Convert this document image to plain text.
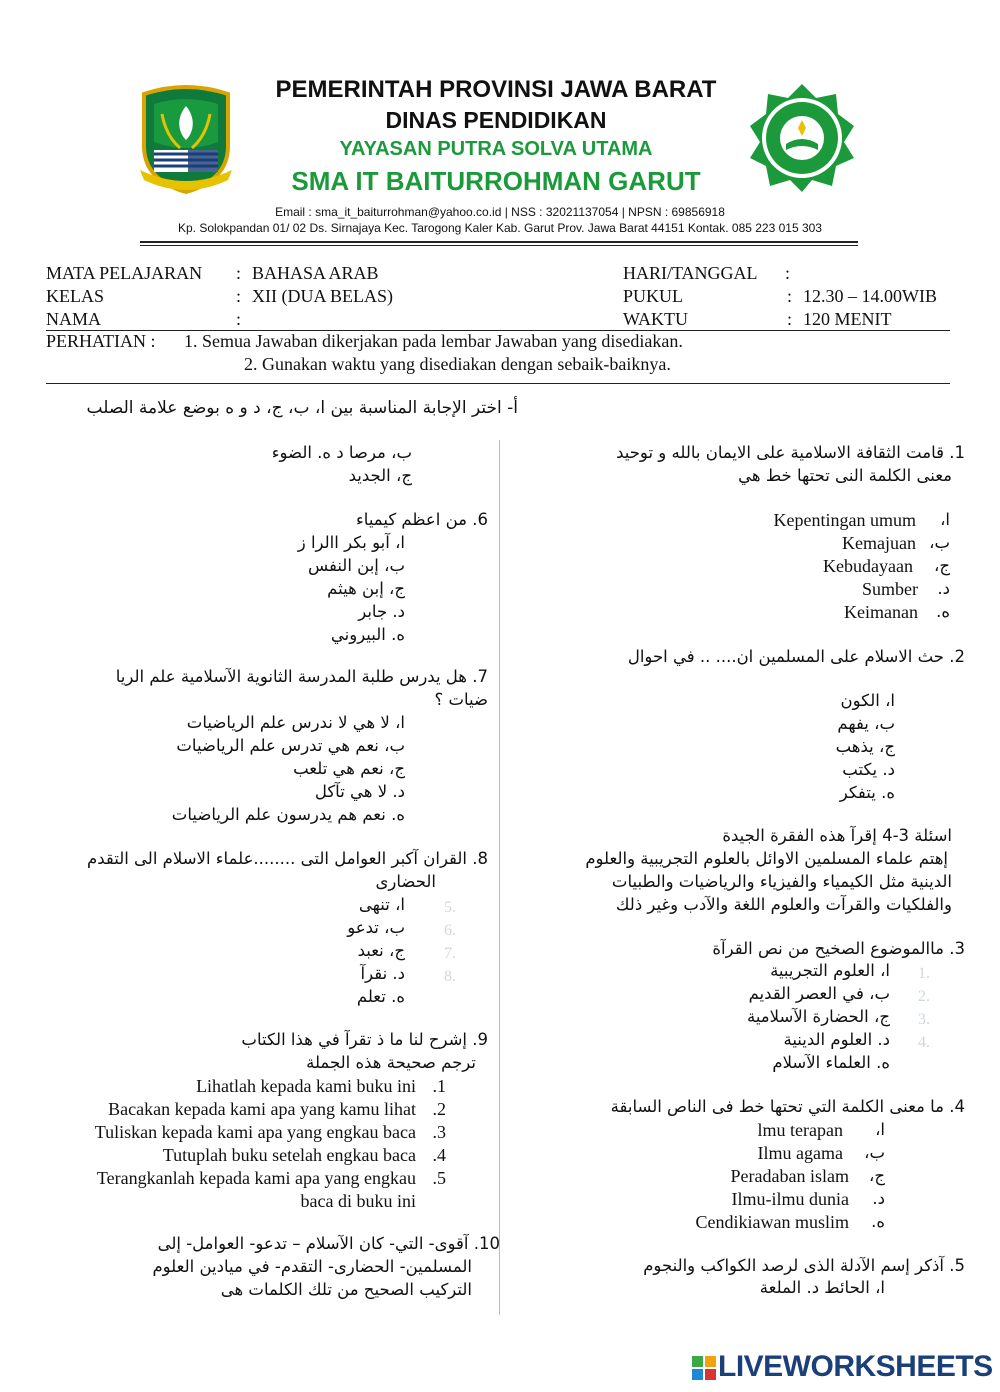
PEMERINTAH PROVINSI JAWA BARAT
DINAS PENDIDIKAN
YAYASAN PUTRA SOLVA UTAMA
SMA IT BAITURROHMAN GARUT
Email : sma_it_baiturrohman@yahoo.co.id | NSS : 32021137054 | NPSN : 69856918
Kp. Solokpandan 01/ 02 Ds. Sirnajaya Kec. Tarogong Kaler Kab. Garut Prov. Jawa Barat 44151 Kontak. 085 223 015 303
MATA PELAJARAN : BAHASA ARAB
KELAS	: XII (DUA BELAS)
NAMA	:
HARI/TANGGAL :
PUKUL	: 12.30 – 14.00WIB
WAKTU	: 120 MENIT
PERHATIAN : 1. Semua Jawaban dikerjakan pada lembar Jawaban yang disediakan.
2. Gunakan waktu yang disediakan dengan sebaik-baiknya.
أ- اختر الإجابة المناسبة بين ا، ب، ج، د و ه بوضع علامة الصلب
1. قامت الثقافة الاسلامية على الايمان بالله و توحيد
معنى الكلمة النى تحتها خط هي
Kepentingan umum ا،
Kemajuan ب،
Kebudayaan ج،
Sumber د.
Keimanan ه.
2. حث الاسلام على المسلمين ان.... .. في احوال
ا، الكون
ب، يفهم
ج، يذهب
د. يكتب
ه. يتفكر
اسئلة 3-4 إقرآ هذه الفقرة الجيدة
إهتم علماء المسلمين الاوائل بالعلوم التجريبية والعلوم
الدينية مثل الكيمياء والفيزياء والرياضيات والطبيات
والفلكيات والقرآت والعلوم اللغة والآدب وغير ذلك
3. ماالموضوع الصخيح من نص القرآة
ا، العلوم التجريبية
ب، في العصر القديم
ج، الحضارة الآسلامية
د. العلوم الدينية
ه. العلماء الآسلام
1.
2.
3.
4.
4. ما معنى الكلمة التي تحتها خط فى الناص السابقة
lmu terapan ا،
Ilmu agama ب،
Peradaban islam ج،
Ilmu-ilmu dunia د.
Cendikiawan muslim ه.
5. آذكر إسم الآدلة الذى لرصد الكواكب والنجوم
ا، الحائط د. الملعة
ب، مرصا د ه. الضوء
ج، الجديد
6. من اعظم كيمياء
ا، آبو بكر االرا ز
ب، إبن النفس
ج، إبن هيثم
د. جابر
ه. البيروني
7. هل يدرس طلبة المدرسة الثانوية الآسلامية علم الريا
ضيات ؟
ا، لا هي لا ندرس علم الرياضيات
ب، نعم هي تدرس علم الرياضيات
ج، نعم هي تلعب
د. لا هي تآكل
ه. نعم هم يدرسون علم الرياضيات
8. القران آكبر العوامل التى ........علماء الاسلام الى التقدم
الحضارى
ا، تنهى
ب، تدعو
ج، نعبد
د. نقرآ
ه. تعلم
5.
6.
7.
8.
9. إشرح لنا ما ذ تقرآ في هذا الكتاب
ترجم صحيحة هذه الجملة
Lihatlah kepada kami buku ini .1
Bacakan kepada kami apa yang kamu lihat .2
Tuliskan kepada kami apa yang engkau baca .3
Tutuplah buku setelah engkau baca .4
Terangkanlah kepada kami apa yang engkau .5
baca di buku ini
10. آقوى- التي- كان الآسلام – تدعو- العوامل- إلى
المسلمين- الحضارى- التقدم- في ميادين العلوم
التركيب الصحيح من تلك الكلمات هى
LIVEWORKSHEETS
